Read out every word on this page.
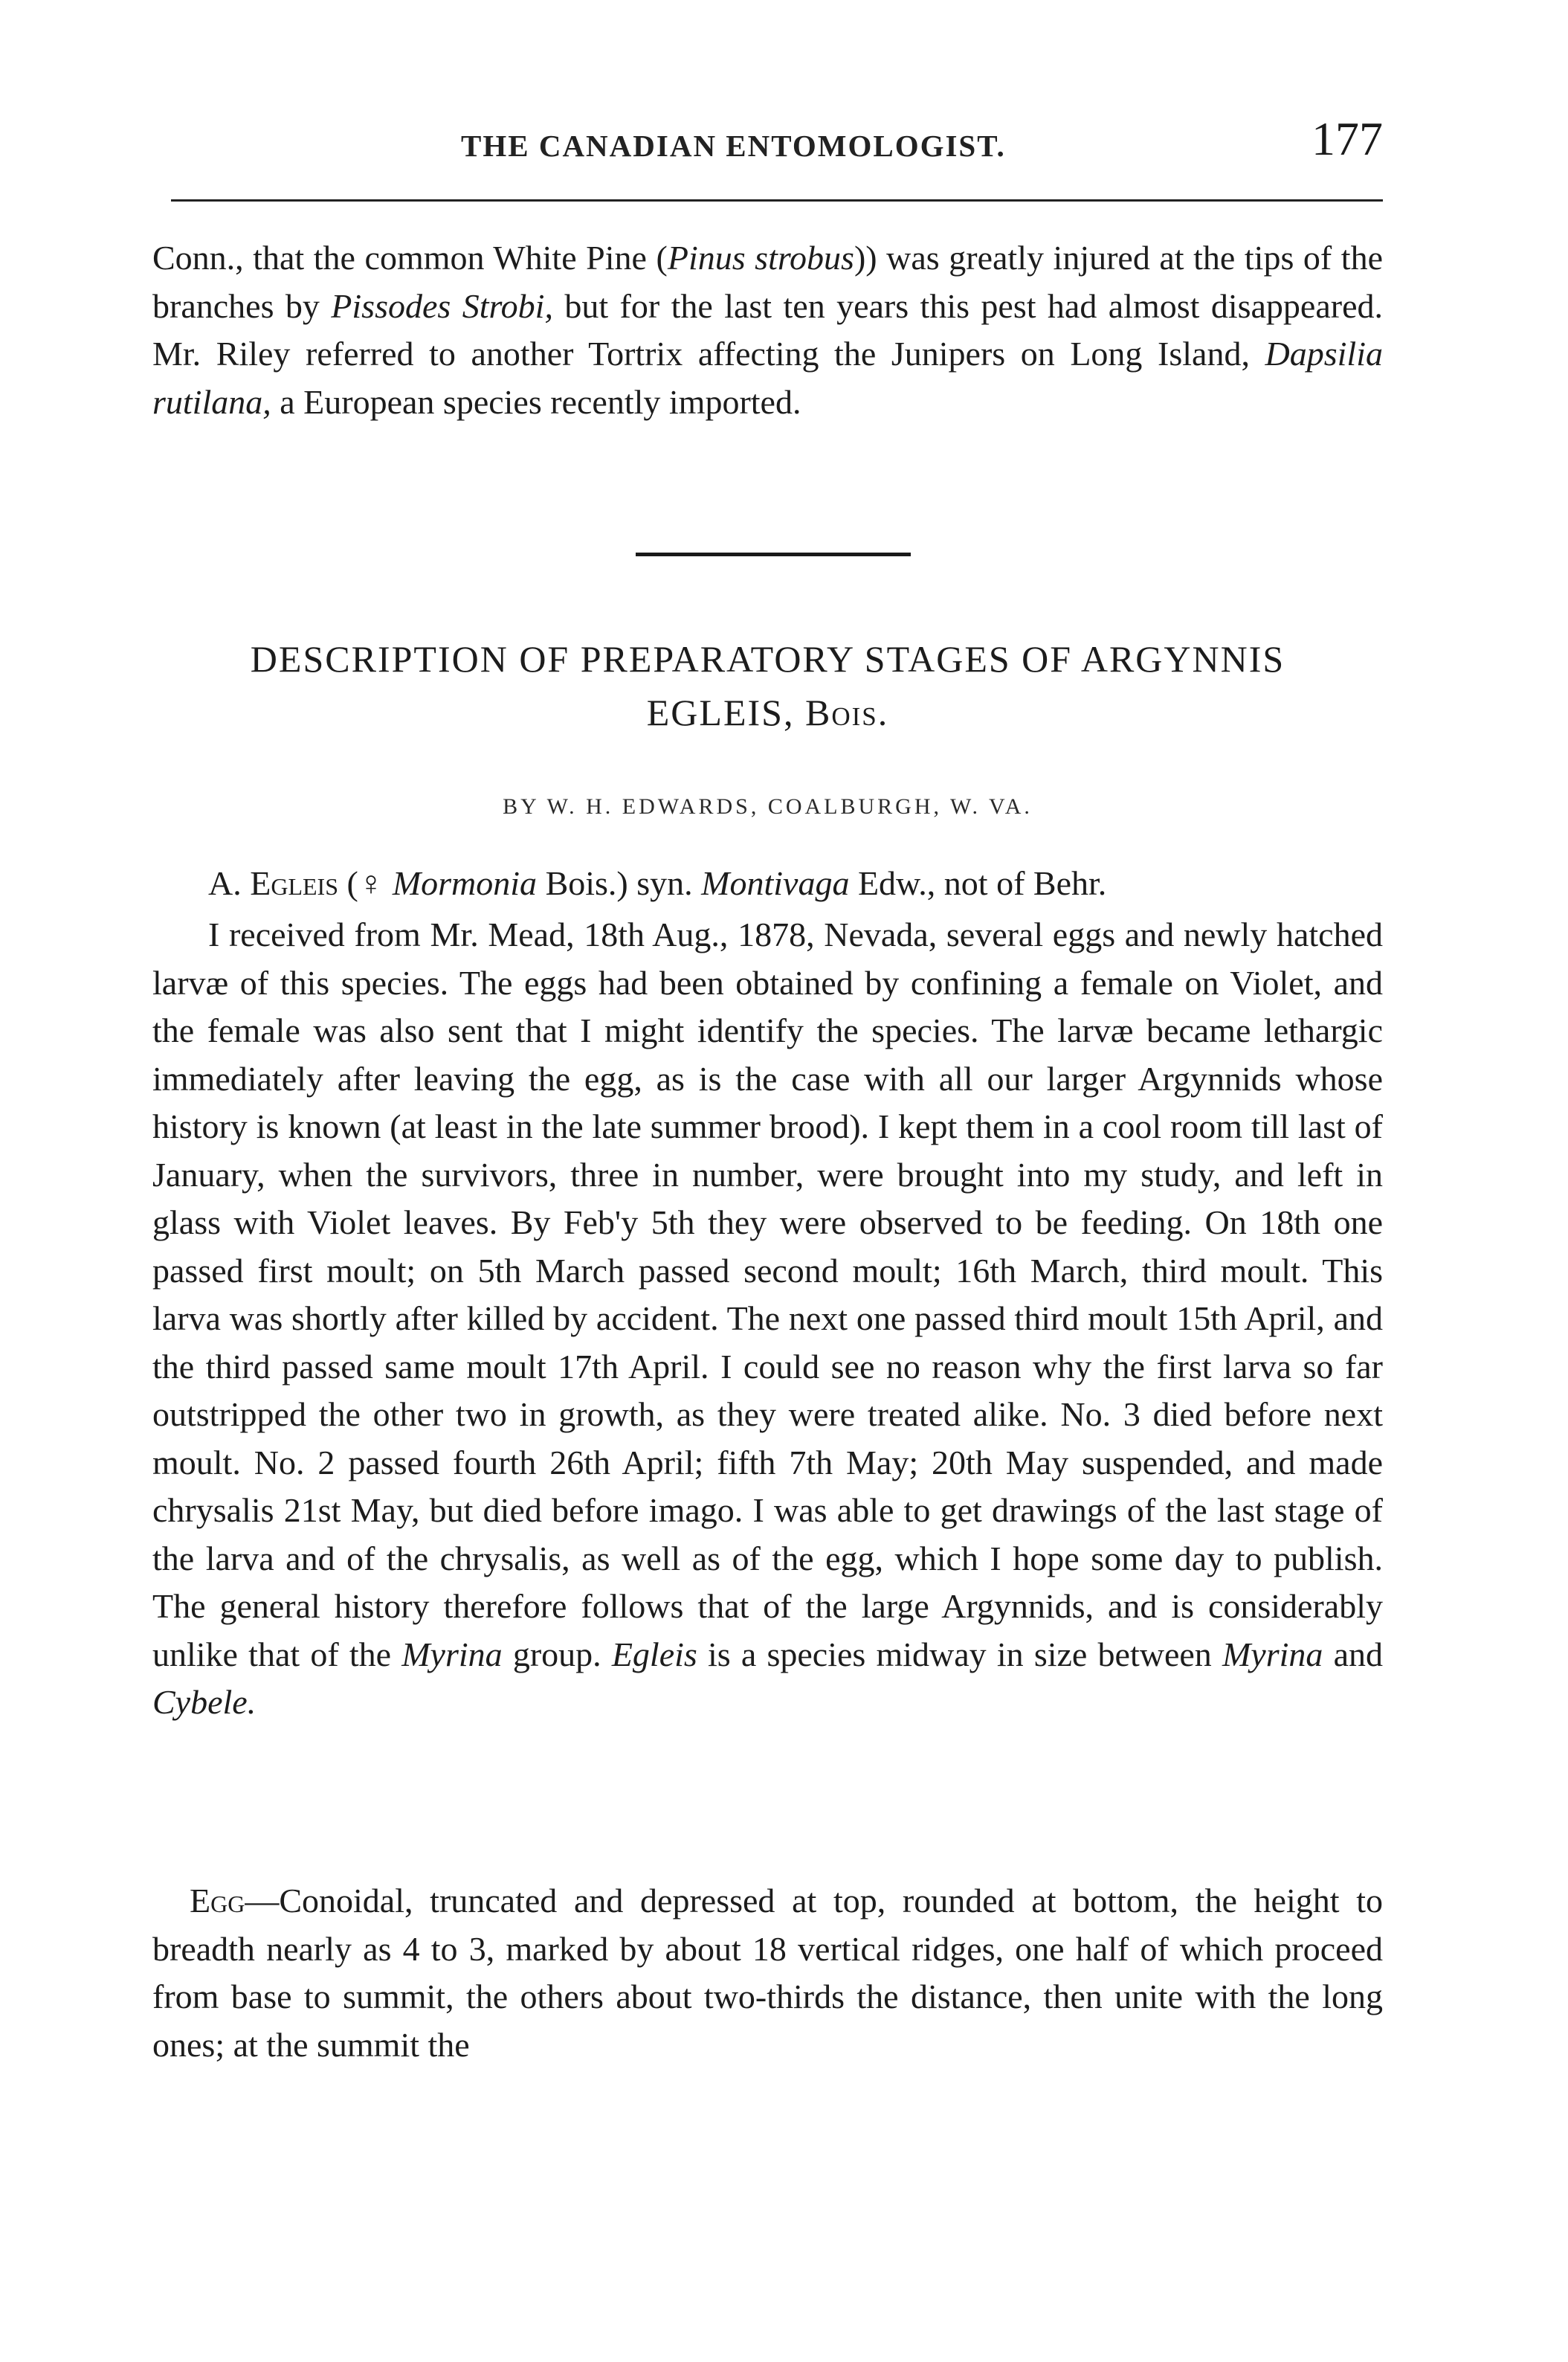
THE CANADIAN ENTOMOLOGIST.	177

Conn., that the common White Pine (Pinus strobus)) was greatly injured at the tips of the branches by Pissodes Strobi, but for the last ten years this pest had almost disappeared. Mr. Riley referred to another Tortrix affecting the Junipers on Long Island, Dapsilia rutilana, a European species recently imported.

DESCRIPTION OF PREPARATORY STAGES OF ARGYNNIS
EGLEIS, Bois.
BY W. H. EDWARDS, COALBURGH, W. VA.
A. Egleis (♀ Mormonia Bois.) syn. Montivaga Edw., not of Behr.

I received from Mr. Mead, 18th Aug., 1878, Nevada, several eggs and newly hatched larvæ of this species. The eggs had been obtained by confining a female on Violet, and the female was also sent that I might identify the species. The larvæ became lethargic immediately after leaving the egg, as is the case with all our larger Argynnids whose history is known (at least in the late summer brood). I kept them in a cool room till last of January, when the survivors, three in number, were brought into my study, and left in glass with Violet leaves. By Feb'y 5th they were observed to be feeding. On 18th one passed first moult; on 5th March passed second moult; 16th March, third moult. This larva was shortly after killed by accident. The next one passed third moult 15th April, and the third passed same moult 17th April. I could see no reason why the first larva so far outstripped the other two in growth, as they were treated alike. No. 3 died before next moult. No. 2 passed fourth 26th April; fifth 7th May; 20th May suspended, and made chrysalis 21st May, but died before imago. I was able to get drawings of the last stage of the larva and of the chrysalis, as well as of the egg, which I hope some day to publish. The general history therefore follows that of the large Argynnids, and is considerably unlike that of the Myrina group. Egleis is a species midway in size between Myrina and Cybele.

Egg—Conoidal, truncated and depressed at top, rounded at bottom, the height to breadth nearly as 4 to 3, marked by about 18 vertical ridges, one half of which proceed from base to summit, the others about two-thirds the distance, then unite with the long ones; at the summit the
